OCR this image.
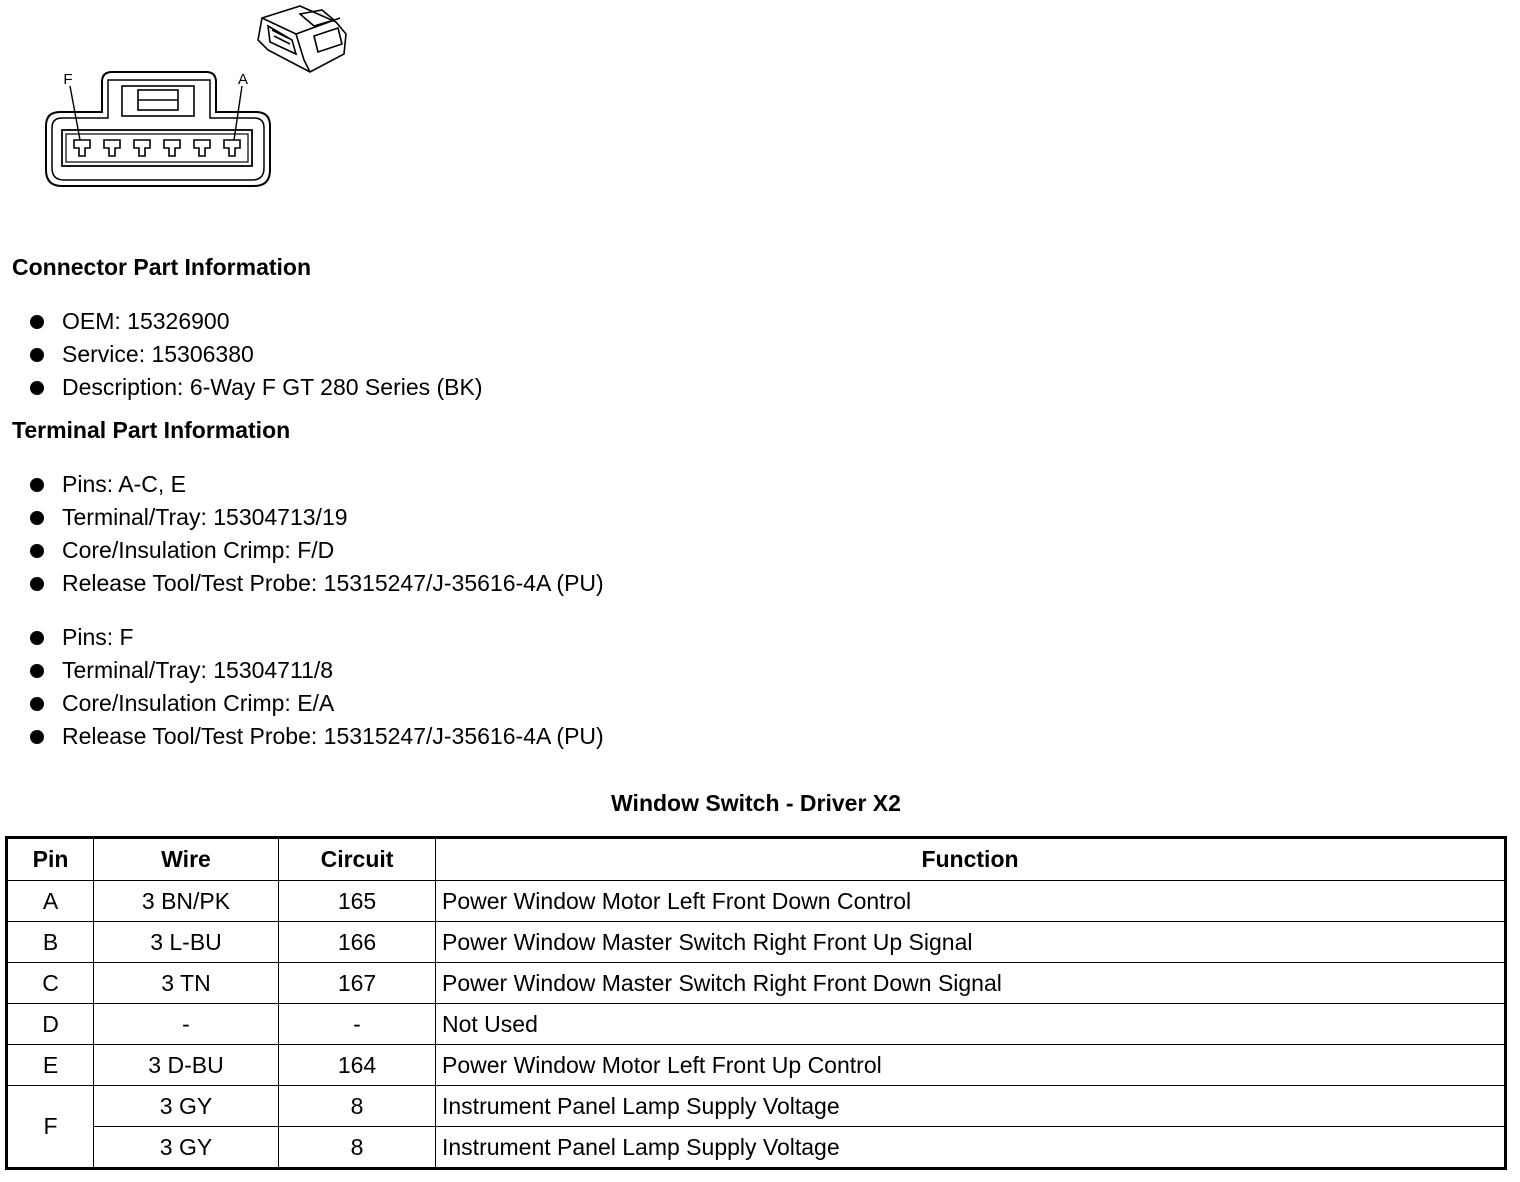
F	A
Connector Part Information
OEM: 15326900
Service: 15306380
Description: 6-Way F GT 280 Series (BK)
Terminal Part Information
Pins: A-C, E
Terminal/Tray: 15304713/19
Core/Insulation Crimp: F/D
Release Tool/Test Probe: 15315247/J-35616-4A (PU)
Pins: F
Terminal/Tray: 15304711/8
Core/Insulation Crimp: E/A
Release Tool/Test Probe: 15315247/J-35616-4A (PU)
Window Switch - Driver X2
Pin	Wire	Circuit	Function
A	3 BN/PK	165	Power Window Motor Left Front Down Control
B	3 L-BU	166	Power Window Master Switch Right Front Up Signal
C	3 TN	167	Power Window Master Switch Right Front Down Signal
D	-	-	Not Used
E	3 D-BU	164	Power Window Motor Left Front Up Control
F	3 GY	8	Instrument Panel Lamp Supply Voltage
	3 GY	8	Instrument Panel Lamp Supply Voltage
